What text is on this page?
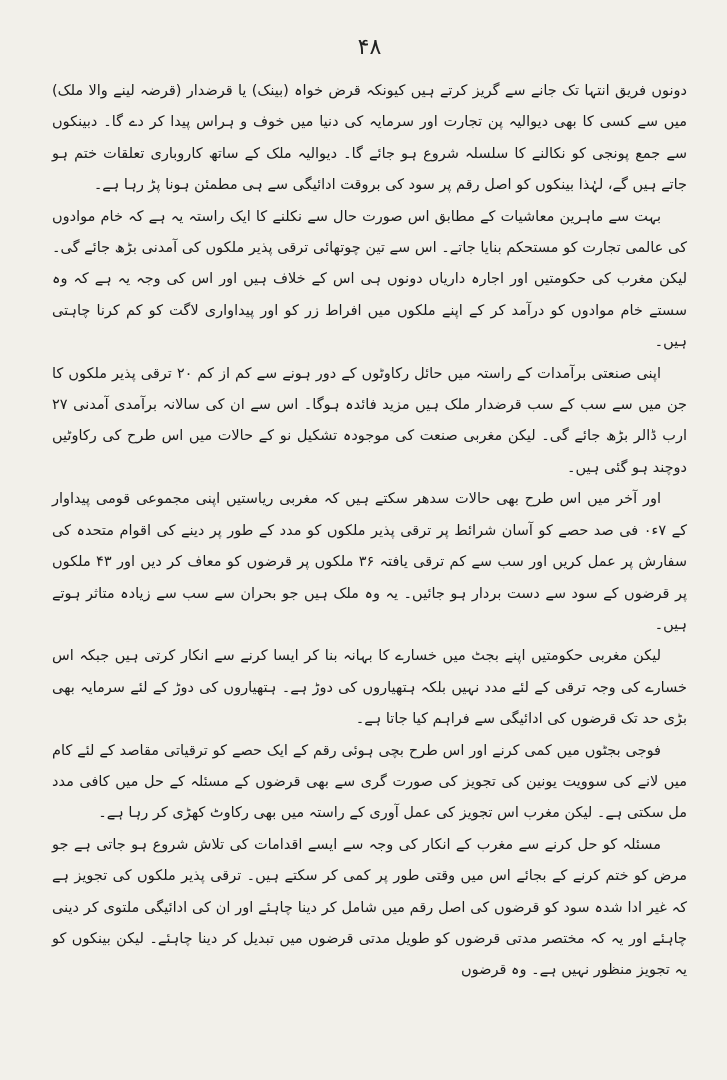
۴۸

دونوں فریق انتہا تک جانے سے گریز کرتے ہیں کیونکہ قرض خواہ (بینک) یا قرضدار (قرضہ لینے والا ملک) میں سے کسی کا بھی دیوالیہ پن تجارت اور سرمایہ کی دنیا میں خوف و ہراس پیدا کر دے گا۔ دبینکوں سے جمع پونجی کو نکالنے کا سلسلہ شروع ہو جائے گا۔ دیوالیہ ملک کے ساتھ کاروباری تعلقات ختم ہو جاتے ہیں گے، لہٰذا بینکوں کو اصل رقم پر سود کی بروقت ادائیگی سے ہی مطمئن ہونا پڑ رہا ہے۔

بہت سے ماہرین معاشیات کے مطابق اس صورت حال سے نکلنے کا ایک راستہ یہ ہے کہ خام موادوں کی عالمی تجارت کو مستحکم بنایا جاتے۔ اس سے تین چوتھائی ترقی پذیر ملکوں کی آمدنی بڑھ جائے گی۔ لیکن مغرب کی حکومتیں اور اجارہ داریاں دونوں ہی اس کے خلاف ہیں اور اس کی وجہ یہ ہے کہ وہ سستے خام موادوں کو درآمد کر کے اپنے ملکوں میں افراط زر کو اور پیداواری لاگت کو کم کرنا چاہتی ہیں۔

اپنی صنعتی برآمدات کے راستہ میں حائل رکاوٹوں کے دور ہونے سے کم از کم ۲۰ ترقی پذیر ملکوں کا جن میں سے سب کے سب قرضدار ملک ہیں مزید فائدہ ہوگا۔ اس سے ان کی سالانہ برآمدی آمدنی ۲۷ ارب ڈالر بڑھ جائے گی۔ لیکن مغربی صنعت کی موجودہ تشکیل نو کے حالات میں اس طرح کی رکاوٹیں دوچند ہو گئی ہیں۔

اور آخر میں اس طرح بھی حالات سدھر سکتے ہیں کہ مغربی ریاستیں اپنی مجموعی قومی پیداوار کے ۷ء۰ فی صد حصے کو آسان شرائط پر ترقی پذیر ملکوں کو مدد کے طور پر دینے کی اقوام متحدہ کی سفارش پر عمل کریں اور سب سے کم ترقی یافتہ ۳۶ ملکوں پر قرضوں کو معاف کر دیں اور ۴۳ ملکوں پر قرضوں کے سود سے دست بردار ہو جائیں۔ یہ وہ ملک ہیں جو بحران سے سب سے زیادہ متاثر ہوتے ہیں۔

لیکن مغربی حکومتیں اپنے بجٹ میں خسارے کا بہانہ بنا کر ایسا کرنے سے انکار کرتی ہیں جبکہ اس خسارے کی وجہ ترقی کے لئے مدد نہیں بلکہ ہتھیاروں کی دوڑ ہے۔ ہتھیاروں کی دوڑ کے لئے سرمایہ بھی بڑی حد تک قرضوں کی ادائیگی سے فراہم کیا جاتا ہے۔

فوجی بجٹوں میں کمی کرنے اور اس طرح بچی ہوئی رقم کے ایک حصے کو ترقیاتی مقاصد کے لئے کام میں لانے کی سوویت یونین کی تجویز کی صورت گری سے بھی قرضوں کے مسئلہ کے حل میں کافی مدد مل سکتی ہے۔ لیکن مغرب اس تجویز کی عمل آوری کے راستہ میں بھی رکاوٹ کھڑی کر رہا ہے۔

مسئلہ کو حل کرنے سے مغرب کے انکار کی وجہ سے ایسے اقدامات کی تلاش شروع ہو جاتی ہے جو مرض کو ختم کرنے کے بجائے اس میں وقتی طور پر کمی کر سکتے ہیں۔ ترقی پذیر ملکوں کی تجویز ہے کہ غیر ادا شدہ سود کو قرضوں کی اصل رقم میں شامل کر دینا چاہئے اور ان کی ادائیگی ملتوی کر دینی چاہئے اور یہ کہ مختصر مدتی قرضوں کو طویل مدتی قرضوں میں تبدیل کر دینا چاہئے۔ لیکن بینکوں کو یہ تجویز منظور نہیں ہے۔ وہ قرضوں
